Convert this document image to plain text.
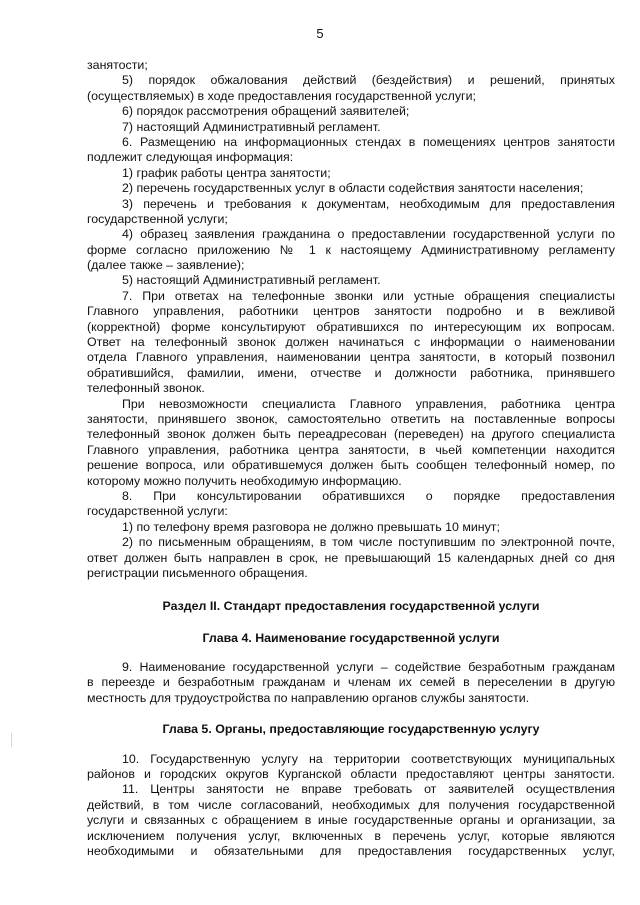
5
занятости;
5) порядок обжалования действий (бездействия) и решений, принятых
(осуществляемых) в ходе предоставления государственной услуги;
6) порядок рассмотрения обращений заявителей;
7) настоящий Административный регламент.
6. Размещению на информационных стендах в помещениях центров занятости
подлежит следующая информация:
1) график работы центра занятости;
2) перечень государственных услуг в области содействия занятости населения;
3) перечень и требования к документам, необходимым для предоставления
государственной услуги;
4) образец заявления гражданина о предоставлении государственной услуги по
форме согласно приложению № 1 к настоящему Административному регламенту
(далее также – заявление);
5) настоящий Административный регламент.
7. При ответах на телефонные звонки или устные обращения специалисты
Главного управления, работники центров занятости подробно и в вежливой
(корректной) форме консультируют обратившихся по интересующим их вопросам.
Ответ на телефонный звонок должен начинаться с информации о наименовании
отдела Главного управления, наименовании центра занятости, в который позвонил
обратившийся, фамилии, имени, отчестве и должности работника, принявшего
телефонный звонок.
При невозможности специалиста Главного управления, работника центра
занятости, принявшего звонок, самостоятельно ответить на поставленные вопросы
телефонный звонок должен быть переадресован (переведен) на другого специалиста
Главного управления, работника центра занятости, в чьей компетенции находится
решение вопроса, или обратившемуся должен быть сообщен телефонный номер, по
которому можно получить необходимую информацию.
8. При консультировании обратившихся о порядке предоставления
государственной услуги:
1) по телефону время разговора не должно превышать 10 минут;
2) по письменным обращениям, в том числе поступившим по электронной почте,
ответ должен быть направлен в срок, не превышающий 15 календарных дней со дня
регистрации письменного обращения.
Раздел II. Стандарт предоставления государственной услуги
Глава 4. Наименование государственной услуги
9. Наименование государственной услуги – содействие безработным гражданам
в переезде и безработным гражданам и членам их семей в переселении в другую
местность для трудоустройства по направлению органов службы занятости.
Глава 5. Органы, предоставляющие государственную услугу
10. Государственную услугу на территории соответствующих муниципальных
районов и городских округов Курганской области предоставляют центры занятости.
11. Центры занятости не вправе требовать от заявителей осуществления
действий, в том числе согласований, необходимых для получения государственной
услуги и связанных с обращением в иные государственные органы и организации, за
исключением получения услуг, включенных в перечень услуг, которые являются
необходимыми и обязательными для предоставления государственных услуг,
